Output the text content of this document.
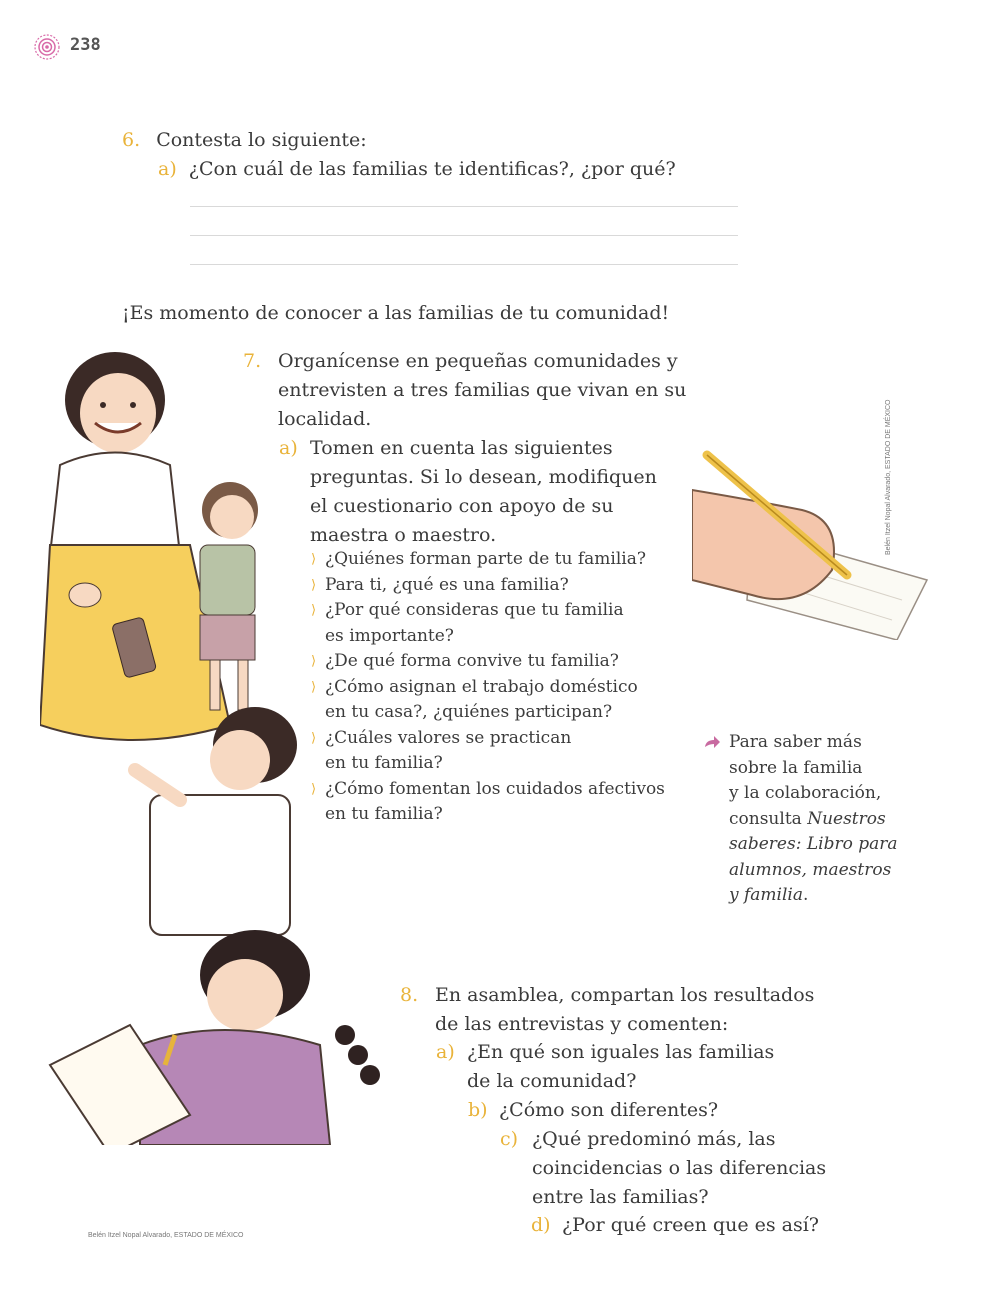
238
6. Contesta lo siguiente:
a) ¿Con cuál de las familias te identificas?, ¿por qué?
¡Es momento de conocer a las familias de tu comunidad!
7. Organícense en pequeñas comunidades y
entrevisten a tres familias que vivan en su
localidad.
a) Tomen en cuenta las siguientes
preguntas. Si lo desean, modifiquen
el cuestionario con apoyo de su
maestra o maestro.
⟩ ¿Quiénes forman parte de tu familia?
⟩ Para ti, ¿qué es una familia?
⟩ ¿Por qué consideras que tu familia
es importante?
⟩ ¿De qué forma convive tu familia?
⟩ ¿Cómo asignan el trabajo doméstico
en tu casa?, ¿quiénes participan?
⟩ ¿Cuáles valores se practican
en tu familia?
⟩ ¿Cómo fomentan los cuidados afectivos
en tu familia?
Belén Itzel Nopal Alvarado, ESTADO DE MÉXICO
Para saber más
sobre la familia
y la colaboración,
consulta Nuestros
saberes: Libro para
alumnos, maestros
y familia.
8. En asamblea, compartan los resultados
de las entrevistas y comenten:
a) ¿En qué son iguales las familias
de la comunidad?
b) ¿Cómo son diferentes?
c) ¿Qué predominó más, las
coincidencias o las diferencias
entre las familias?
d) ¿Por qué creen que es así?
Belén Itzel Nopal Alvarado, ESTADO DE MÉXICO
